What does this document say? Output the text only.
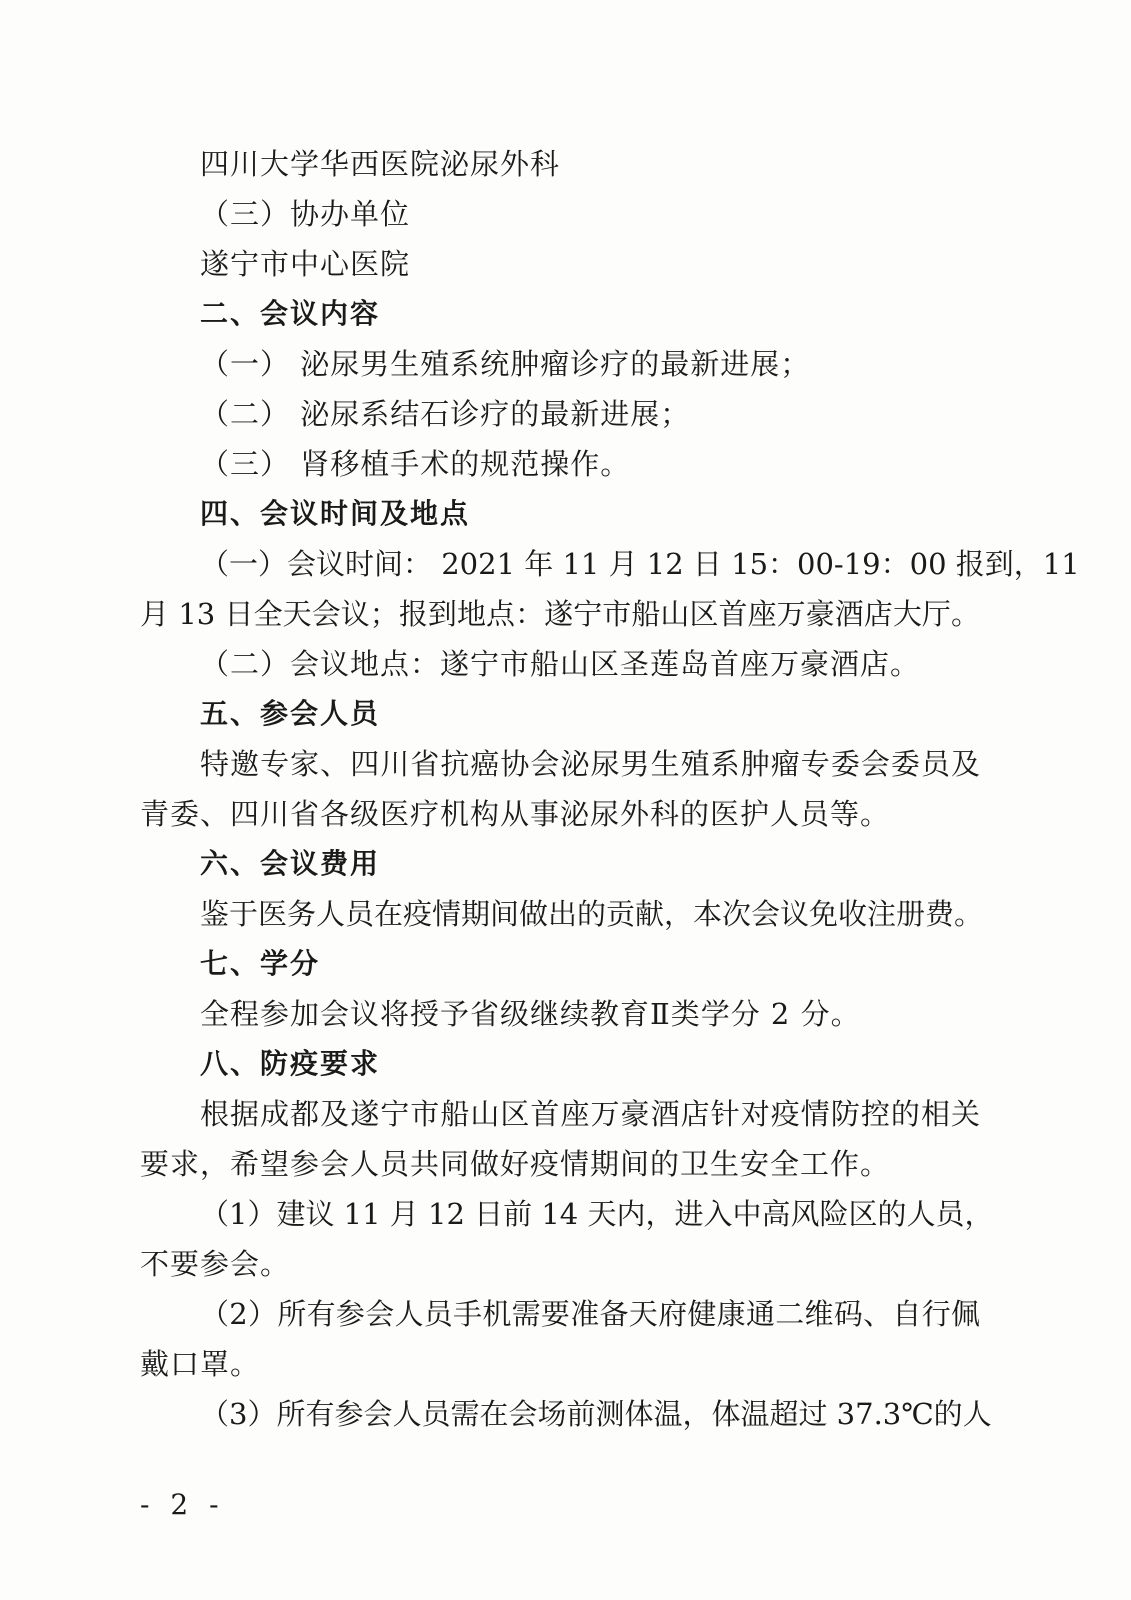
四川大学华西医院泌尿外科
（三）协办单位
遂宁市中心医院
二、会议内容
（一） 泌尿男生殖系统肿瘤诊疗的最新进展；
（二） 泌尿系结石诊疗的最新进展；
（三） 肾移植手术的规范操作。
四、会议时间及地点
（一）会议时间： 2021 年 11 月 12 日 15：00-19：00 报到，11
月 13 日全天会议；报到地点：遂宁市船山区首座万豪酒店大厅。
（二）会议地点：遂宁市船山区圣莲岛首座万豪酒店。
五、参会人员
特邀专家、四川省抗癌协会泌尿男生殖系肿瘤专委会委员及
青委、四川省各级医疗机构从事泌尿外科的医护人员等。
六、会议费用
鉴于医务人员在疫情期间做出的贡献，本次会议免收注册费。
七、学分
全程参加会议将授予省级继续教育Ⅱ类学分 2 分。
八、防疫要求
根据成都及遂宁市船山区首座万豪酒店针对疫情防控的相关
要求，希望参会人员共同做好疫情期间的卫生安全工作。
（1）建议 11 月 12 日前 14 天内，进入中高风险区的人员，
不要参会。
（2）所有参会人员手机需要准备天府健康通二维码、自行佩
戴口罩。
（3）所有参会人员需在会场前测体温，体温超过 37.3℃的人
- 2 -
